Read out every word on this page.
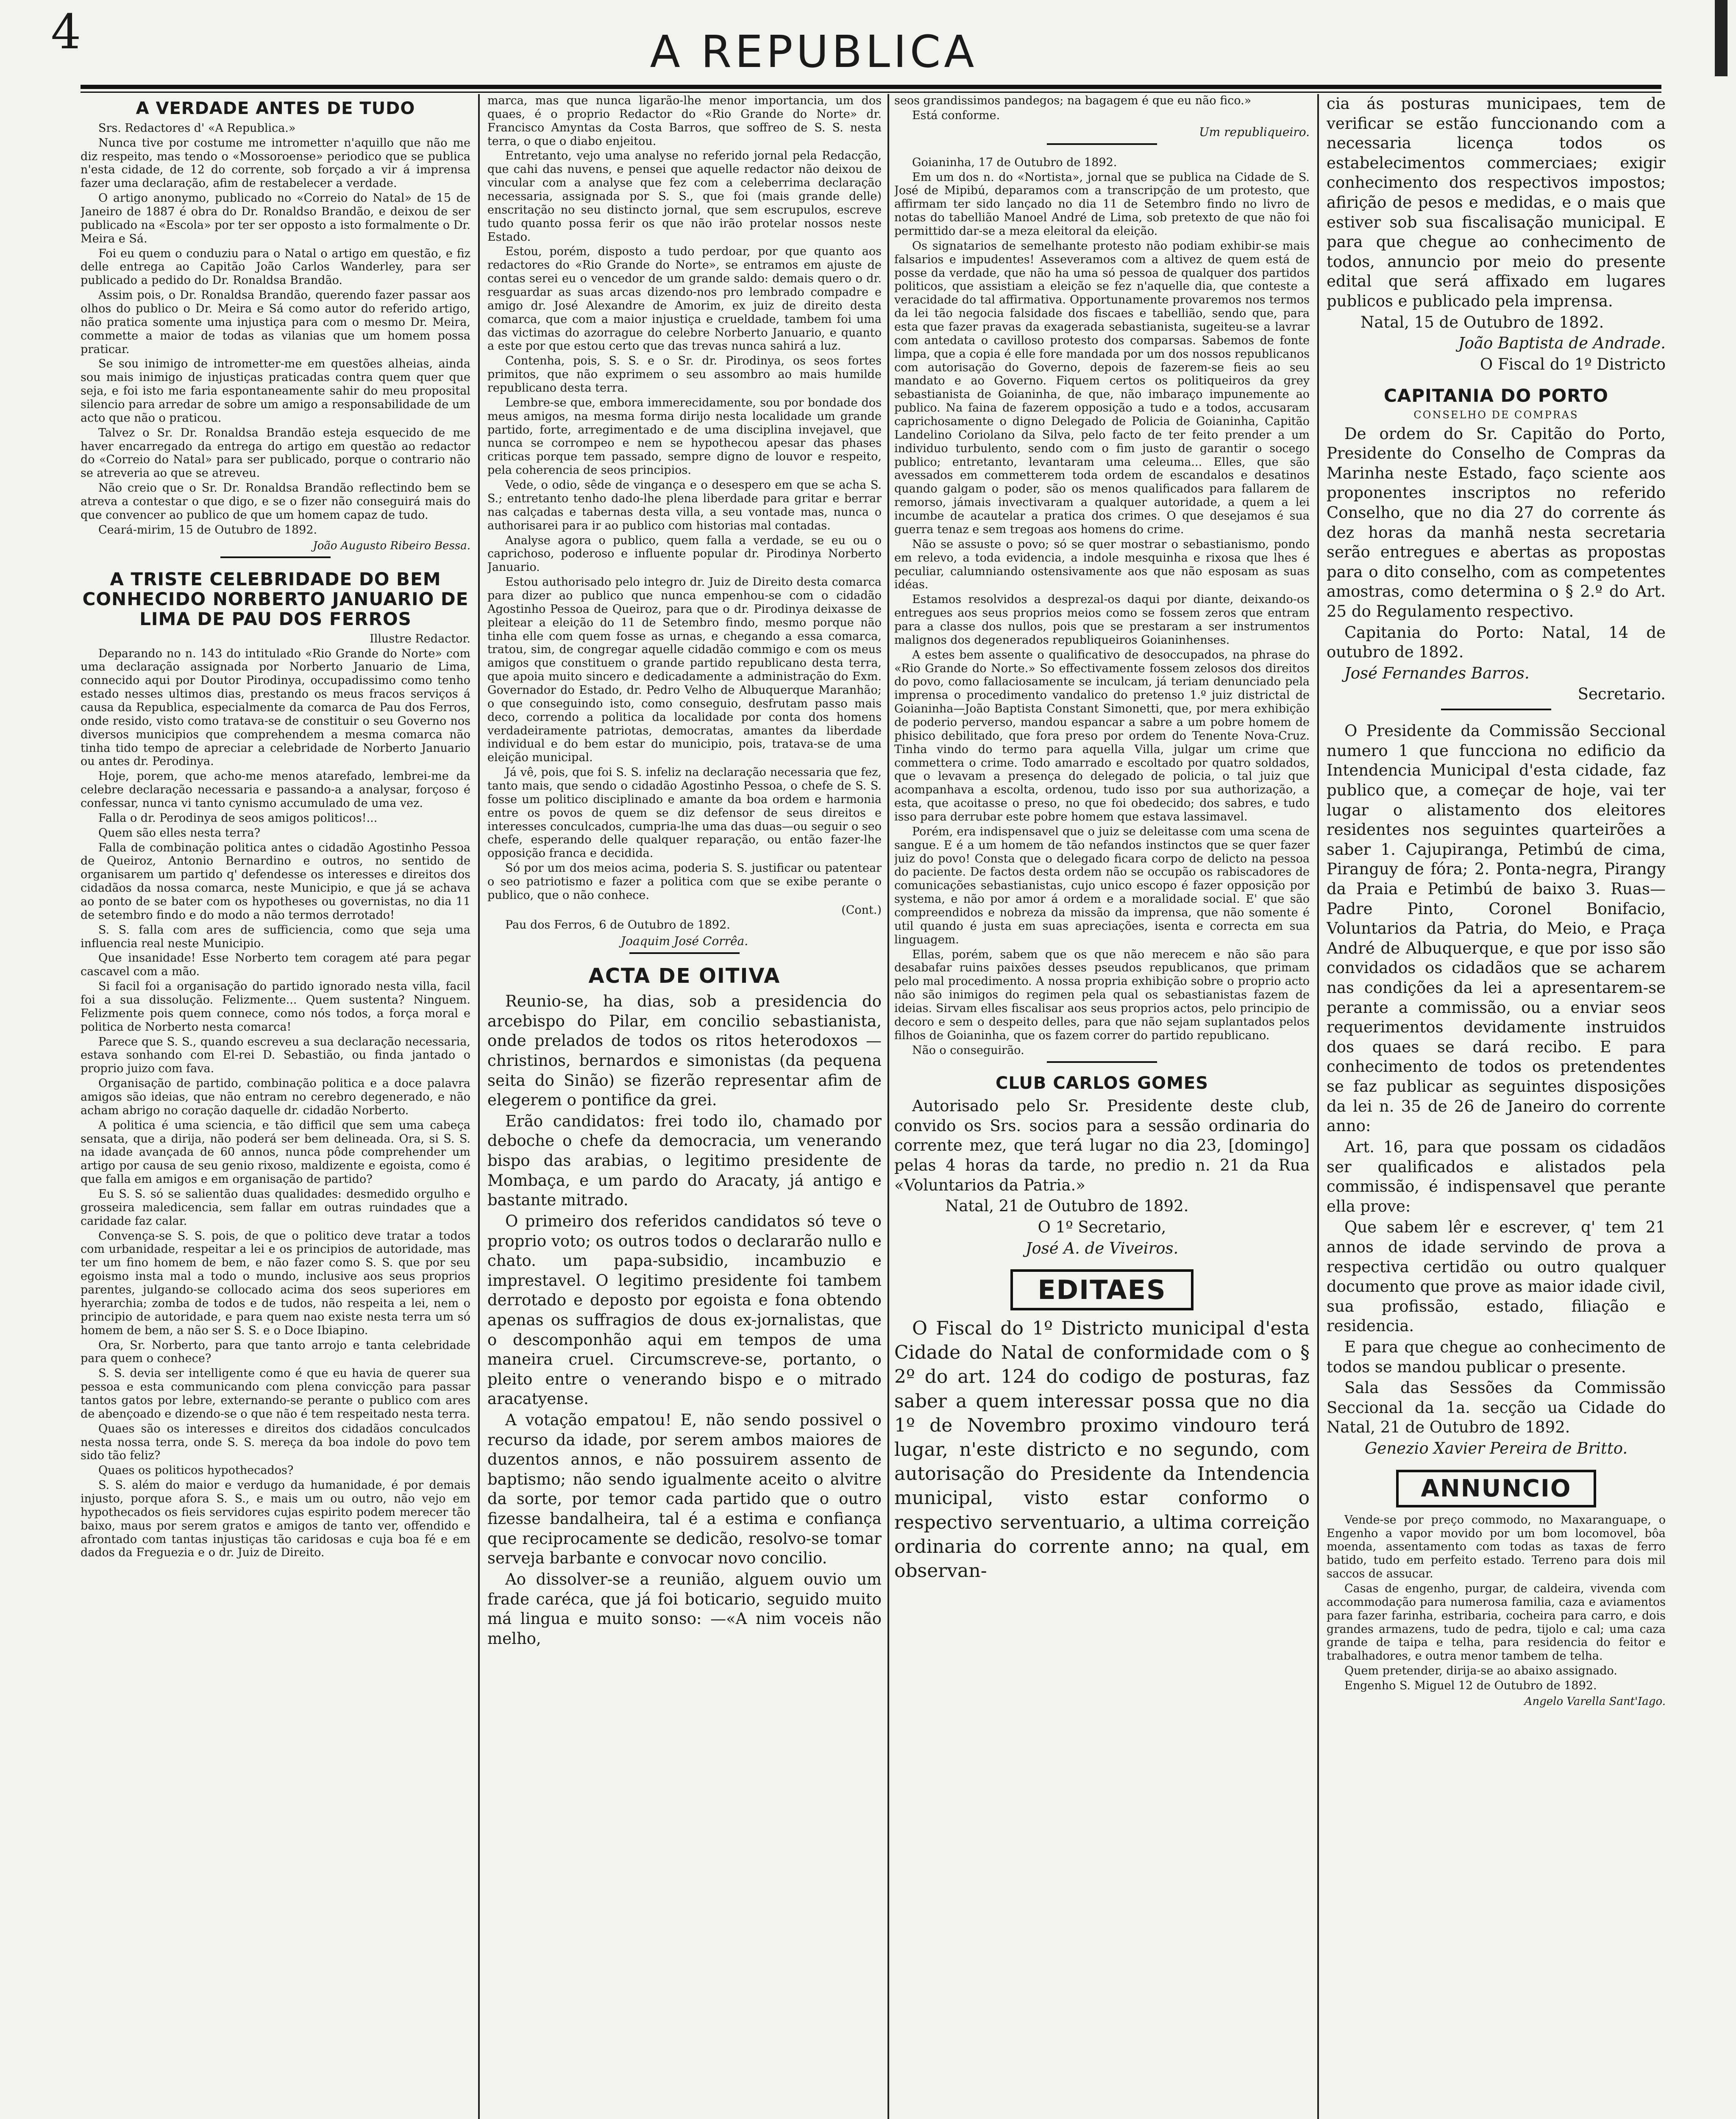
4	A REPUBLICA
A VERDADE ANTES DE TUDO

Srs. Redactores d' «A Republica.»

Nunca tive por costume me intrometter n'aquillo que não me diz respeito, mas tendo o «Mossoroense» periodico que se publica n'esta cidade, de 12 do corrente, sob forçado a vir á imprensa fazer uma declaração, afim de restabelecer a verdade.

O artigo anonymo, publicado no «Correio do Natal» de 15 de Janeiro de 1887 é obra do Dr. Ronaldso Brandão, e deixou de ser publicado na «Escola» por ter ser opposto a isto formalmente o Dr. Meira e Sá.

Foi eu quem o conduziu para o Natal o artigo em questão, e fiz delle entrega ao Capitão João Carlos Wanderley, para ser publicado a pedido do Dr. Ronaldsa Brandão.

Assim pois, o Dr. Ronaldsa Brandão, querendo fazer passar aos olhos do publico o Dr. Meira e Sá como autor do referido artigo, não pratica somente uma injustiça para com o mesmo Dr. Meira, commette a maior de todas as vilanias que um homem possa praticar.

Se sou inimigo de intrometter-me em questões alheias, ainda sou mais inimigo de injustiças praticadas contra quem quer que seja, e foi isto me faria espontaneamente sahir do meu proposital silencio para arredar de sobre um amigo a responsabilidade de um acto que não o praticou.

Talvez o Sr. Dr. Ronaldsa Brandão esteja esquecido de me haver encarregado da entrega do artigo em questão ao redactor do «Correio do Natal» para ser publicado, porque o contrario não se atreveria ao que se atreveu.

Não creio que o Sr. Dr. Ronaldsa Brandão reflectindo bem se atreva a contestar o que digo, e se o fizer não conseguirá mais do que convencer ao publico de que um homem capaz de tudo.

Ceará-mirim, 15 de Outubro de 1892.

João Augusto Ribeiro Bessa.
A TRISTE CELEBRIDADE DO BEM CONHECIDO NORBERTO JANUARIO DE LIMA DE PAU DOS FERROS

Illustre Redactor.

Deparando no n. 143 do intitulado «Rio Grande do Norte» com uma declaração assignada por Norberto Januario de Lima, connecido aqui por Doutor Pirodinya, occupadissimo como tenho estado nesses ultimos dias, prestando os meus fracos serviços á causa da Republica, especialmente da comarca de Pau dos Ferros, onde resido, visto como tratava-se de constituir o seu Governo nos diversos municipios que comprehendem a mesma comarca não tinha tido tempo de apreciar a celebridade de Norberto Januario ou antes dr. Perodinya.

Hoje, porem, que acho-me menos atarefado, lembrei-me da celebre declaração necessaria e passando-a a analysar, forçoso é confessar, nunca vi tanto cynismo accumulado de uma vez.

Falla o dr. Perodinya de seos amigos politicos!...

Quem são elles nesta terra?

Falla de combinação politica antes o cidadão Agostinho Pessoa de Queiroz, Antonio Bernardino e outros, no sentido de organisarem um partido q' defendesse os interesses e direitos dos cidadãos da nossa comarca, neste Municipio, e que já se achava ao ponto de se bater com os hypotheses ou governistas, no dia 11 de setembro findo e do modo a não termos derrotado!

S. S. falla com ares de sufficiencia, como que seja uma influencia real neste Municipio.

Que insanidade! Esse Norberto tem coragem até para pegar cascavel com a mão.

Si facil foi a organisação do partido ignorado nesta villa, facil foi a sua dissolução. Felizmente... Quem sustenta? Ninguem. Felizmente pois quem connece, como nós todos, a força moral e politica de Norberto nesta comarca!

Parece que S. S., quando escreveu a sua declaração necessaria, estava sonhando com El-rei D. Sebastião, ou finda jantado o proprio juizo com fava.

Organisação de partido, combinação politica e a doce palavra amigos são ideias, que não entram no cerebro degenerado, e não acham abrigo no coração daquelle dr. cidadão Norberto.

A politica é uma sciencia, e tão difficil que sem uma cabeça sensata, que a dirija, não poderá ser bem delineada. Ora, si S. S. na idade avançada de 60 annos, nunca pôde comprehender um artigo por causa de seu genio rixoso, maldizente e egoista, como é que falla em amigos e em organisação de partido?

Eu S. S. só se salientão duas qualidades: desmedido orgulho e grosseira maledicencia, sem fallar em outras ruindades que a caridade faz calar.

Convença-se S. S. pois, de que o politico deve tratar a todos com urbanidade, respeitar a lei e os principios de autoridade, mas ter um fino homem de bem, e não fazer como S. S. que por seu egoismo insta mal a todo o mundo, inclusive aos seus proprios parentes, julgando-se collocado acima dos seos superiores em hyerarchia; zomba de todos e de tudos, não respeita a lei, nem o principio de autoridade, e para quem nao existe nesta terra um só homem de bem, a não ser S. S. e o Doce Ibiapino.

Ora, Sr. Norberto, para que tanto arrojo e tanta celebridade para quem o conhece?

S. S. devia ser intelligente como é que eu havia de querer sua pessoa e esta communicando com plena convicção para passar tantos gatos por lebre, externando-se perante o publico com ares de abençoado e dizendo-se o que não é tem respeitado nesta terra.

Quaes são os interesses e direitos dos cidadãos conculcados nesta nossa terra, onde S. S. mereça da boa indole do povo tem sido tão feliz?

Quaes os politicos hypothecados?

S. S. além do maior e verdugo da humanidade, é por demais injusto, porque afora S. S., e mais um ou outro, não vejo em hypothecados os fieis servidores cujas espirito podem merecer tão baixo, maus por serem gratos e amigos de tanto ver, offendido e afrontado com tantas injustiças tão caridosas e cuja boa fé e em dados da Freguezia e o dr. Juiz de Direito.

marca, mas que nunca ligarão-lhe menor importancia, um dos quaes, é o proprio Redactor do «Rio Grande do Norte» dr. Francisco Amyntas da Costa Barros, que soffreo de S. S. nesta terra, o que o diabo enjeitou.

Entretanto, vejo uma analyse no referido jornal pela Redacção, que cahi das nuvens, e pensei que aquelle redactor não deixou de vincular com a analyse que fez com a celeberrima declaração necessaria, assignada por S. S., que foi (mais grande delle) enscritação no seu distincto jornal, que sem escrupulos, escreve tudo quanto possa ferir os que não irão protelar nossos neste Estado.

Estou, porém, disposto a tudo perdoar, por que quanto aos redactores do «Rio Grande do Norte», se entramos em ajuste de contas serei eu o vencedor de um grande saldo: demais quero o dr. resguardar as suas arcas dizendo-nos pro lembrado compadre e amigo dr. José Alexandre de Amorim, ex juiz de direito desta comarca, que com a maior injustiça e crueldade, tambem foi uma das victimas do azorrague do celebre Norberto Januario, e quanto a este por que estou certo que das trevas nunca sahirá a luz.

Contenha, pois, S. S. e o Sr. dr. Pirodinya, os seos fortes primitos, que não exprimem o seu assombro ao mais humilde republicano desta terra.

Lembre-se que, embora immerecidamente, sou por bondade dos meus amigos, na mesma forma dirijo nesta localidade um grande partido, forte, arregimentado e de uma disciplina invejavel, que nunca se corrompeo e nem se hypothecou apesar das phases criticas porque tem passado, sempre digno de louvor e respeito, pela coherencia de seos principios.

Vede, o odio, sêde de vingança e o desespero em que se acha S. S.; entretanto tenho dado-lhe plena liberdade para gritar e berrar nas calçadas e tabernas desta villa, a seu vontade mas, nunca o authorisarei para ir ao publico com historias mal contadas.

Analyse agora o publico, quem falla a verdade, se eu ou o caprichoso, poderoso e influente popular dr. Pirodinya Norberto Januario.

Estou authorisado pelo integro dr. Juiz de Direito desta comarca para dizer ao publico que nunca empenhou-se com o cidadão Agostinho Pessoa de Queiroz, para que o dr. Pirodinya deixasse de pleitear a eleição do 11 de Setembro findo, mesmo porque não tinha elle com quem fosse as urnas, e chegando a essa comarca, tratou, sim, de congregar aquelle cidadão commigo e com os meus amigos que constituem o grande partido republicano desta terra, que apoia muito sincero e dedicadamente a administração do Exm. Governador do Estado, dr. Pedro Velho de Albuquerque Maranhão; o que conseguindo isto, como conseguio, desfrutam passo mais deco, correndo a politica da localidade por conta dos homens verdadeiramente patriotas, democratas, amantes da liberdade individual e do bem estar do municipio, pois, tratava-se de uma eleição municipal.

Já vê, pois, que foi S. S. infeliz na declaração necessaria que fez, tanto mais, que sendo o cidadão Agostinho Pessoa, o chefe de S. S. fosse um politico disciplinado e amante da boa ordem e harmonia entre os povos de quem se diz defensor de seus direitos e interesses conculcados, cumpria-lhe uma das duas—ou seguir o seo chefe, esperando delle qualquer reparação, ou então fazer-lhe opposição franca e decidida.

Só por um dos meios acima, poderia S. S. justificar ou patentear o seo patriotismo e fazer a politica com que se exibe perante o publico, que o não conhece.

(Cont.)

Pau dos Ferros, 6 de Outubro de 1892.

Joaquim José Corrêa.
ACTA DE OITIVA

Reunio-se, ha dias, sob a presidencia do arcebispo do Pilar, em concilio sebastianista, onde prelados de todos os ritos heterodoxos — christinos, bernardos e simonistas (da pequena seita do Sinão) se fizerão representar afim de elegerem o pontifice da grei.

Erão candidatos: frei todo ilo, chamado por deboche o chefe da democracia, um venerando bispo das arabias, o legitimo presidente de Mombaça, e um pardo do Aracaty, já antigo e bastante mitrado.

O primeiro dos referidos candidatos só teve o proprio voto; os outros todos o declararão nullo e chato. um papa-subsidio, incambuzio e imprestavel. O legitimo presidente foi tambem derrotado e deposto por egoista e fona obtendo apenas os suffragios de dous ex-jornalistas, que o descomponhão aqui em tempos de uma maneira cruel. Circumscreve-se, portanto, o pleito entre o venerando bispo e o mitrado aracatyense.

A votação empatou! E, não sendo possivel o recurso da idade, por serem ambos maiores de duzentos annos, e não possuirem assento de baptismo; não sendo igualmente aceito o alvitre da sorte, por temor cada partido que o outro fizesse bandalheira, tal é a estima e confiança que reciprocamente se dedicão, resolvo-se tomar serveja barbante e convocar novo concilio.

Ao dissolver-se a reunião, alguem ouvio um frade caréca, que já foi boticario, seguido muito má lingua e muito sonso: —«A nim voceis não melho,

seos grandissimos pandegos; na bagagem é que eu não fico.»

Está conforme.

Um republiqueiro.

Goianinha, 17 de Outubro de 1892.

Em um dos n. do «Nortista», jornal que se publica na Cidade de S. José de Mipibú, deparamos com a transcripção de um protesto, que affirmam ter sido lançado no dia 11 de Setembro findo no livro de notas do tabellião Manoel André de Lima, sob pretexto de que não foi permittido dar-se a meza eleitoral da eleição.

Os signatarios de semelhante protesto não podiam exhibir-se mais falsarios e impudentes! Asseveramos com a altivez de quem está de posse da verdade, que não ha uma só pessoa de qualquer dos partidos politicos, que assistiam a eleição se fez n'aquelle dia, que conteste a veracidade do tal affirmativa. Opportunamente provaremos nos termos da lei tão negocia falsidade dos fiscaes e tabellião, sendo que, para esta que fazer pravas da exagerada sebastianista, sugeiteu-se a lavrar com antedata o cavilloso protesto dos comparsas. Sabemos de fonte limpa, que a copia é elle fore mandada por um dos nossos republicanos com autorisação do Governo, depois de fazerem-se fieis ao seu mandato e ao Governo. Fiquem certos os politiqueiros da grey sebastianista de Goianinha, de que, não imbaraço impunemente ao publico. Na faina de fazerem opposição a tudo e a todos, accusaram caprichosamente o digno Delegado de Policia de Goianinha, Capitão Landelino Coriolano da Silva, pelo facto de ter feito prender a um individuo turbulento, sendo com o fim justo de garantir o socego publico; entretanto, levantaram uma celeuma... Elles, que são avessados em commetterem toda ordem de escandalos e desatinos quando galgam o poder, são os menos qualificados para fallarem de remorso, jámais invectivaram a qualquer autoridade, a quem a lei incumbe de acautelar a pratica dos crimes. O que desejamos é sua guerra tenaz e sem tregoas aos homens do crime.

Não se assuste o povo; só se quer mostrar o sebastianismo, pondo em relevo, a toda evidencia, a indole mesquinha e rixosa que lhes é peculiar, calumniando ostensivamente aos que não esposam as suas idéas.

Estamos resolvidos a desprezal-os daqui por diante, deixando-os entregues aos seus proprios meios como se fossem zeros que entram para a classe dos nullos, pois que se prestaram a ser instrumentos malignos dos degenerados republiqueiros Goianinhenses.

A estes bem assente o qualificativo de desoccupados, na phrase do «Rio Grande do Norte.» So effectivamente fossem zelosos dos direitos do povo, como fallaciosamente se inculcam, já teriam denunciado pela imprensa o procedimento vandalico do pretenso 1.º juiz districtal de Goianinha—João Baptista Constant Simonetti, que, por mera exhibição de poderio perverso, mandou espancar a sabre a um pobre homem de phisico debilitado, que fora preso por ordem do Tenente Nova-Cruz. Tinha vindo do termo para aquella Villa, julgar um crime que commettera o crime. Todo amarrado e escoltado por quatro soldados, que o levavam a presença do delegado de policia, o tal juiz que acompanhava a escolta, ordenou, tudo isso por sua authorização, a esta, que acoitasse o preso, no que foi obedecido; dos sabres, e tudo isso para derrubar este pobre homem que estava lassimavel.

Porém, era indispensavel que o juiz se deleitasse com uma scena de sangue. E é a um homem de tão nefandos instinctos que se quer fazer juiz do povo! Consta que o delegado ficara corpo de delicto na pessoa do paciente. De factos desta ordem não se occupão os rabiscadores de comunicações sebastianistas, cujo unico escopo é fazer opposição por systema, e não por amor á ordem e a moralidade social. E' que são compreendidos e nobreza da missão da imprensa, que não somente é util quando é justa em suas apreciações, isenta e correcta em sua linguagem.

Ellas, porém, sabem que os que não merecem e não são para desabafar ruins paixões desses pseudos republicanos, que primam pelo mal procedimento. A nossa propria exhibição sobre o proprio acto não são inimigos do regimen pela qual os sebastianistas fazem de ideias. Sirvam elles fiscalisar aos seus proprios actos, pelo principio de decoro e sem o despeito delles, para que não sejam suplantados pelos filhos de Goianinha, que os fazem correr do partido republicano.

Não o conseguirão.

CLUB CARLOS GOMES

Autorisado pelo Sr. Presidente deste club, convido os Srs. socios para a sessão ordinaria do corrente mez, que terá lugar no dia 23, [domingo] pelas 4 horas da tarde, no predio n. 21 da Rua «Voluntarios da Patria.»

Natal, 21 de Outubro de 1892.

O 1º Secretario,

José A. de Viveiros.

EDITAES

O Fiscal do 1º Districto municipal d'esta Cidade do Natal de conformidade com o § 2º do art. 124 do codigo de posturas, faz saber a quem interessar possa que no dia 1º de Novembro proximo vindouro terá lugar, n'este districto e no segundo, com autorisação do Presidente da Intendencia municipal, visto estar conformo o respectivo serventuario, a ultima correição ordinaria do corrente anno; na qual, em observan-

cia ás posturas municipaes, tem de verificar se estão funccionando com a necessaria licença todos os estabelecimentos commerciaes; exigir conhecimento dos respectivos impostos; afirição de pesos e medidas, e o mais que estiver sob sua fiscalisação municipal. E para que chegue ao conhecimento de todos, annuncio por meio do presente edital que será affixado em lugares publicos e publicado pela imprensa.

Natal, 15 de Outubro de 1892.

João Baptista de Andrade.

O Fiscal do 1º Districto

CAPITANIA DO PORTO
CONSELHO DE COMPRAS

De ordem do Sr. Capitão do Porto, Presidente do Conselho de Compras da Marinha neste Estado, faço sciente aos proponentes inscriptos no referido Conselho, que no dia 27 do corrente ás dez horas da manhã nesta secretaria serão entregues e abertas as propostas para o dito conselho, com as competentes amostras, como determina o § 2.º do Art. 25 do Regulamento respectivo.

Capitania do Porto: Natal, 14 de outubro de 1892.

José Fernandes Barros.

Secretario.

O Presidente da Commissão Seccional numero 1 que funcciona no edificio da Intendencia Municipal d'esta cidade, faz publico que, a começar de hoje, vai ter lugar o alistamento dos eleitores residentes nos seguintes quarteirões a saber 1. Cajupiranga, Petimbú de cima, Piranguy de fóra; 2. Ponta-negra, Pirangy da Praia e Petimbú de baixo 3. Ruas—Padre Pinto, Coronel Bonifacio, Voluntarios da Patria, do Meio, e Praça André de Albuquerque, e que por isso são convidados os cidadãos que se acharem nas condições da lei a apresentarem-se perante a commissão, ou a enviar seos requerimentos devidamente instruidos dos quaes se dará recibo. E para conhecimento de todos os pretendentes se faz publicar as seguintes disposições da lei n. 35 de 26 de Janeiro do corrente anno:

Art. 16, para que possam os cidadãos ser qualificados e alistados pela commissão, é indispensavel que perante ella prove:

Que sabem lêr e escrever, q' tem 21 annos de idade servindo de prova a respectiva certidão ou outro qualquer documento que prove as maior idade civil, sua profissão, estado, filiação e residencia.

E para que chegue ao conhecimento de todos se mandou publicar o presente.

Sala das Sessões da Commissão Seccional da 1a. secção ua Cidade do Natal, 21 de Outubro de 1892.

Genezio Xavier Pereira de Britto.

ANNUNCIO

Vende-se por preço commodo, no Maxaranguape, o Engenho a vapor movido por um bom locomovel, bôa moenda, assentamento com todas as taxas de ferro batido, tudo em perfeito estado. Terreno para dois mil saccos de assucar.

Casas de engenho, purgar, de caldeira, vivenda com accommodação para numerosa familia, caza e aviamentos para fazer farinha, estribaria, cocheira para carro, e dois grandes armazens, tudo de pedra, tijolo e cal; uma caza grande de taipa e telha, para residencia do feitor e trabalhadores, e outra menor tambem de telha.

Quem pretender, dirija-se ao abaixo assignado.

Engenho S. Miguel 12 de Outubro de 1892.

Angelo Varella Sant'Iago.
